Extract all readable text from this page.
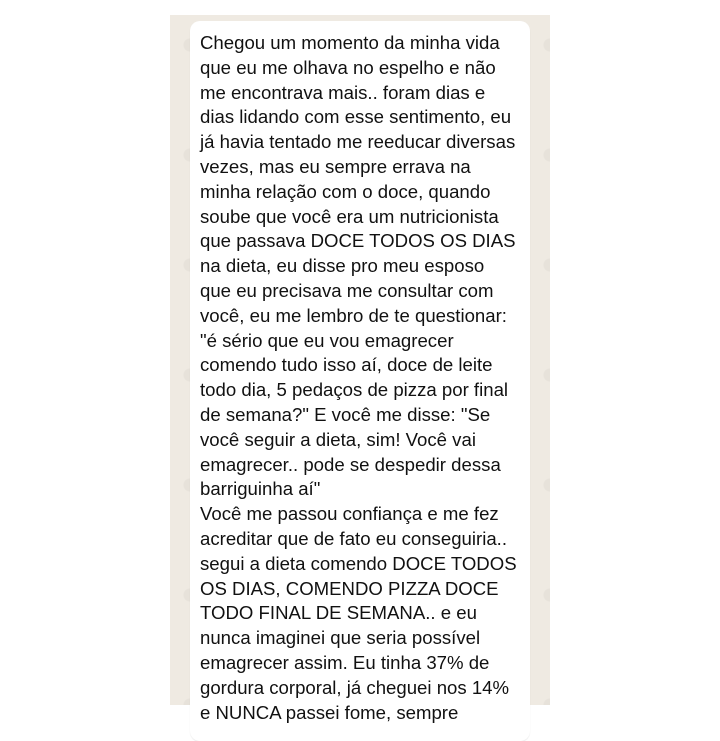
Chegou um momento da minha vida
que eu me olhava no espelho e não
me encontrava mais.. foram dias e
dias lidando com esse sentimento, eu
já havia tentado me reeducar diversas
vezes, mas eu sempre errava na
minha relação com o doce, quando
soube que você era um nutricionista
que passava DOCE TODOS OS DIAS
na dieta, eu disse pro meu esposo
que eu precisava me consultar com
você, eu me lembro de te questionar:
"é sério que eu vou emagrecer
comendo tudo isso aí, doce de leite
todo dia, 5 pedaços de pizza por final
de semana?" E você me disse: "Se
você seguir a dieta, sim! Você vai
emagrecer.. pode se despedir dessa
barriguinha aí"
Você me passou confiança e me fez
acreditar que de fato eu conseguiria..
segui a dieta comendo DOCE TODOS
OS DIAS, COMENDO PIZZA DOCE
TODO FINAL DE SEMANA.. e eu
nunca imaginei que seria possível
emagrecer assim. Eu tinha 37% de
gordura corporal, já cheguei nos 14%
e NUNCA passei fome, sempre
